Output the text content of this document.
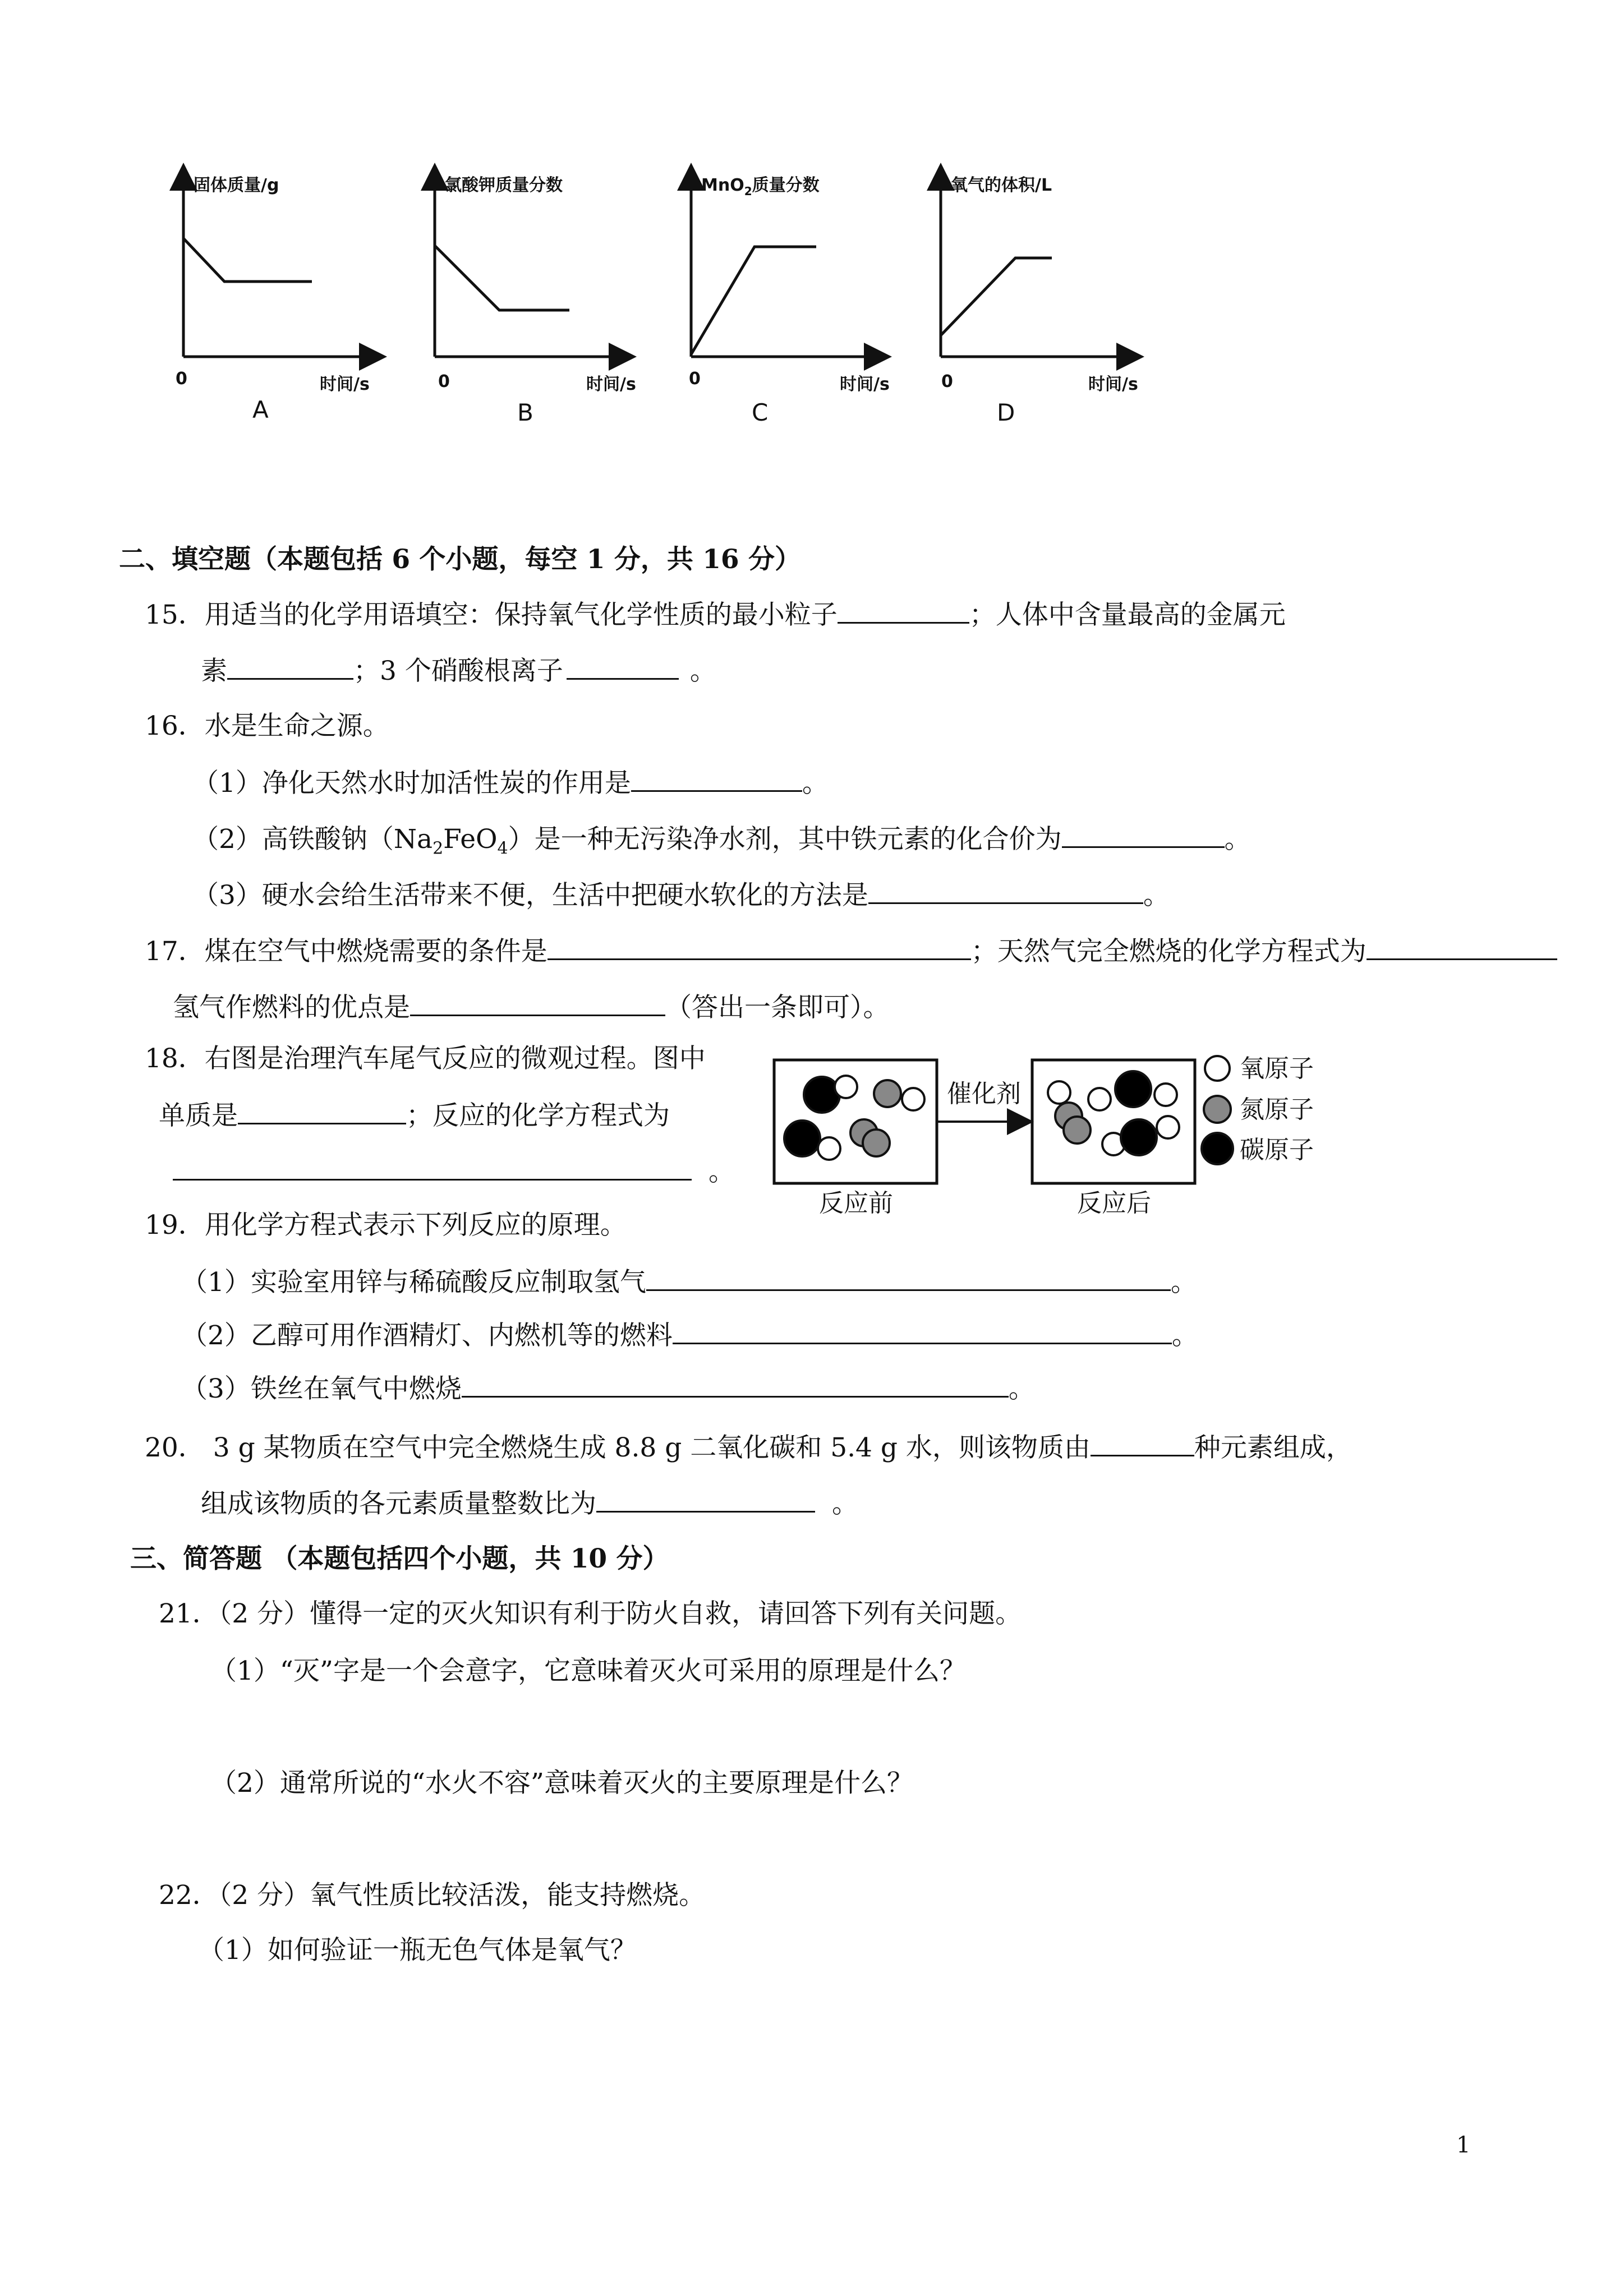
固体质量/g
0	时间/s
氯酸钾质量分数
0	时间/s
MnO$_2$质量分数
0	时间/s
氧气的体积/L
0	时间/s
A	B	C	D
二、填空题（本题包括 6 个小题，每空 1 分，共 16 分）
15．用适当的化学用语填空：保持氧气化学性质的最小粒子	；人体中含量最高的金属元
素	；3 个硝酸根离子	。
16．水是生命之源。
（1）净化天然水时加活性炭的作用是	。
（2）高铁酸钠$(Na_2FeO_4)$是一种无污染净水剂，其中铁元素的化合价为	。
（3）硬水会给生活带来不便，生活中把硬水软化的方法是	。
17．煤在空气中燃烧需要的条件是	；天然气完全燃烧的化学方程式为
氢气作燃料的优点是	（答出一条即可）。
18．右图是治理汽车尾气反应的微观过程。图中
单质是	；反应的化学方程式为
。
催化剂
反应前	反应后
氧原子
氮原子
碳原子
19．用化学方程式表示下列反应的原理。
（1）实验室用锌与稀硫酸反应制取氢气	。
（2）乙醇可用作酒精灯、内燃机等的燃料	。
（3）铁丝在氧气中燃烧	。
20． 3 g 某物质在空气中完全燃烧生成 8.8 g 二氧化碳和 5.4 g 水，则该物质由	种元素组成，
组成该物质的各元素质量整数比为	。
三、简答题 （本题包括四个小题，共 10 分）
21．（2 分）懂得一定的灭火知识有利于防火自救，请回答下列有关问题。
（1）“灭”字是一个会意字，它意味着灭火可采用的原理是什么？
（2）通常所说的“水火不容”意味着灭火的主要原理是什么？
22．（2 分）氧气性质比较活泼，能支持燃烧。
（1）如何验证一瓶无色气体是氧气？
1
